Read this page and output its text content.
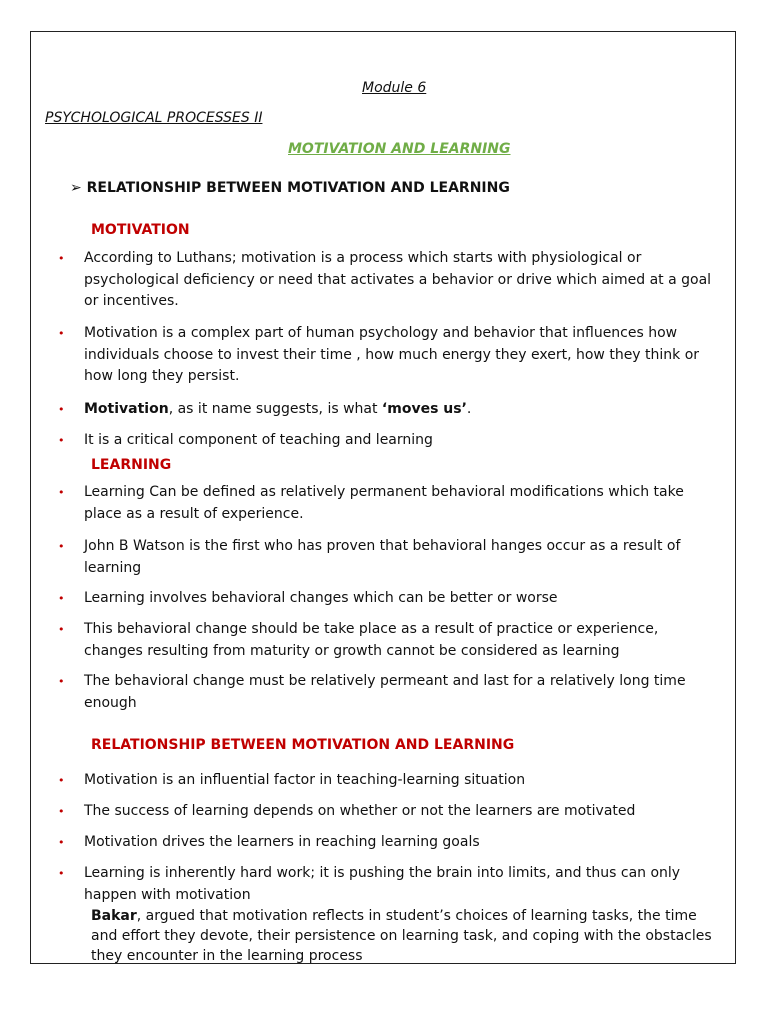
Module 6
PSYCHOLOGICAL PROCESSES II
MOTIVATION AND LEARNING
➢ RELATIONSHIP BETWEEN MOTIVATION AND LEARNING
MOTIVATION
• According to Luthans; motivation is a process which starts with physiological or psychological deficiency or need that activates a behavior or drive which aimed at a goal or incentives.
• Motivation is a complex part of human psychology and behavior that influences how individuals choose to invest their time , how much energy they exert, how they think or how long they persist.
• Motivation, as it name suggests, is what ‘moves us’.
• It is a critical component of teaching and learning
LEARNING
• Learning Can be defined as relatively permanent behavioral modifications which take place as a result of experience.
• John B Watson is the first who has proven that behavioral hanges occur as a result of learning
• Learning involves behavioral changes which can be better or worse
• This behavioral change should be take place as a result of practice or experience, changes resulting from maturity or growth cannot be considered as learning
• The behavioral change must be relatively permeant and last for a relatively long time enough
RELATIONSHIP BETWEEN MOTIVATION AND LEARNING
• Motivation is an influential factor in teaching-learning situation
• The success of learning depends on whether or not the learners are motivated
• Motivation drives the learners in reaching learning goals
• Learning is inherently hard work; it is pushing the brain into limits, and thus can only happen with motivation
Bakar, argued that motivation reflects in student’s choices of learning tasks, the time and effort they devote, their persistence on learning task, and coping with the obstacles they encounter in the learning process
